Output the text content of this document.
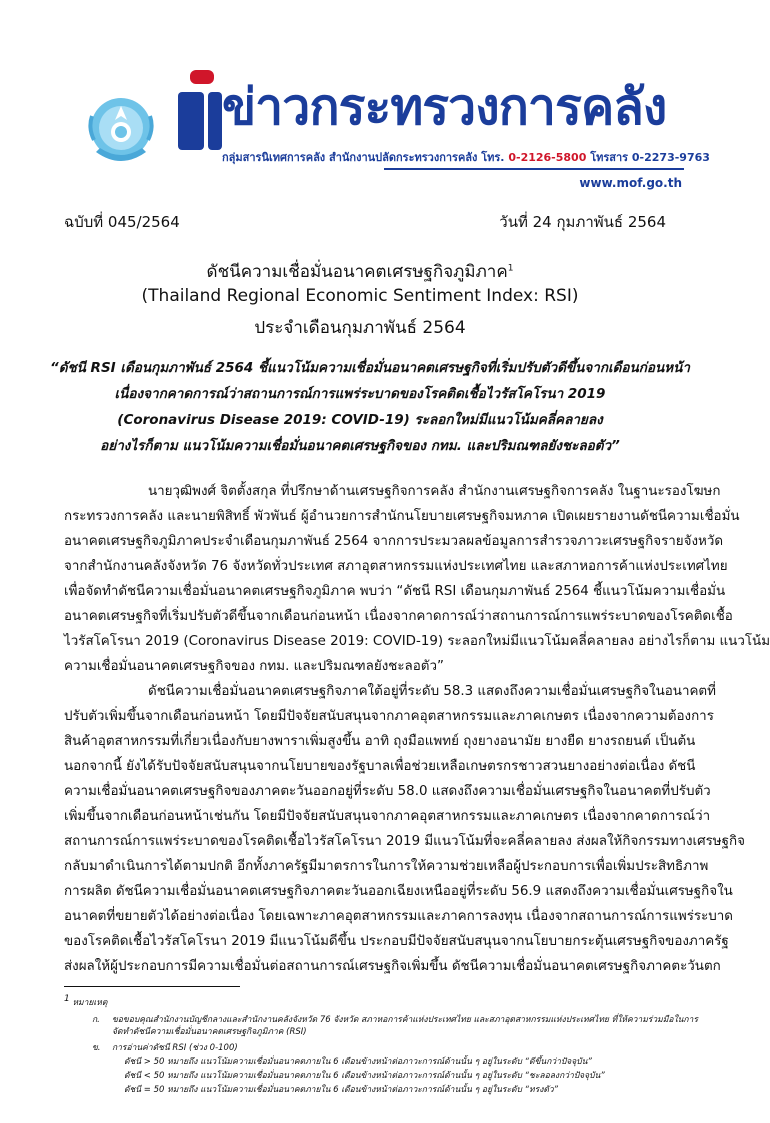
ข่าวกระทรวงการคลัง
กลุ่มสารนิเทศการคลัง สำนักงานปลัดกระทรวงการคลัง โทร. 0-2126-5800 โทรสาร 0-2273-9763
www.mof.go.th
ฉบับที่ 045/2564	วันที่ 24 กุมภาพันธ์ 2564
ดัชนีความเชื่อมั่นอนาคตเศรษฐกิจภูมิภาค$^1$
(Thailand Regional Economic Sentiment Index: RSI)
ประจำเดือนกุมภาพันธ์ 2564
“ดัชนี RSI เดือนกุมภาพันธ์ 2564 ชี้แนวโน้มความเชื่อมั่นอนาคตเศรษฐกิจที่เริ่มปรับตัวดีขึ้นจากเดือนก่อนหน้า
เนื่องจากคาดการณ์ว่าสถานการณ์การแพร่ระบาดของโรคติดเชื้อไวรัสโคโรนา 2019
(Coronavirus Disease 2019: COVID-19) ระลอกใหม่มีแนวโน้มคลี่คลายลง
อย่างไรก็ตาม แนวโน้มความเชื่อมั่นอนาคตเศรษฐกิจของ กทม. และปริมณฑลยังชะลอตัว”
นายวุฒิพงศ์ จิตตั้งสกุล ที่ปรึกษาด้านเศรษฐกิจการคลัง สำนักงานเศรษฐกิจการคลัง ในฐานะรองโฆษก
กระทรวงการคลัง และนายพิสิทธิ์ พัวพันธ์ ผู้อำนวยการสำนักนโยบายเศรษฐกิจมหภาค เปิดเผยรายงานดัชนีความเชื่อมั่น
อนาคตเศรษฐกิจภูมิภาคประจำเดือนกุมภาพันธ์ 2564 จากการประมวลผลข้อมูลการสำรวจภาวะเศรษฐกิจรายจังหวัด
จากสำนักงานคลังจังหวัด 76 จังหวัดทั่วประเทศ สภาอุตสาหกรรมแห่งประเทศไทย และสภาหอการค้าแห่งประเทศไทย
เพื่อจัดทำดัชนีความเชื่อมั่นอนาคตเศรษฐกิจภูมิภาค พบว่า “ดัชนี RSI เดือนกุมภาพันธ์ 2564 ชี้แนวโน้มความเชื่อมั่น
อนาคตเศรษฐกิจที่เริ่มปรับตัวดีขึ้นจากเดือนก่อนหน้า เนื่องจากคาดการณ์ว่าสถานการณ์การแพร่ระบาดของโรคติดเชื้อ
ไวรัสโคโรนา 2019 (Coronavirus Disease 2019: COVID-19) ระลอกใหม่มีแนวโน้มคลี่คลายลง อย่างไรก็ตาม แนวโน้ม
ความเชื่อมั่นอนาคตเศรษฐกิจของ กทม. และปริมณฑลยังชะลอตัว”
ดัชนีความเชื่อมั่นอนาคตเศรษฐกิจภาคใต้อยู่ที่ระดับ 58.3 แสดงถึงความเชื่อมั่นเศรษฐกิจในอนาคตที่
ปรับตัวเพิ่มขึ้นจากเดือนก่อนหน้า โดยมีปัจจัยสนับสนุนจากภาคอุตสาหกรรมและภาคเกษตร เนื่องจากความต้องการ
สินค้าอุตสาหกรรมที่เกี่ยวเนื่องกับยางพาราเพิ่มสูงขึ้น อาทิ ถุงมือแพทย์ ถุงยางอนามัย ยางยืด ยางรถยนต์ เป็นต้น
นอกจากนี้ ยังได้รับปัจจัยสนับสนุนจากนโยบายของรัฐบาลเพื่อช่วยเหลือเกษตรกรชาวสวนยางอย่างต่อเนื่อง ดัชนี
ความเชื่อมั่นอนาคตเศรษฐกิจของภาคตะวันออกอยู่ที่ระดับ 58.0 แสดงถึงความเชื่อมั่นเศรษฐกิจในอนาคตที่ปรับตัว
เพิ่มขึ้นจากเดือนก่อนหน้าเช่นกัน โดยมีปัจจัยสนับสนุนจากภาคอุตสาหกรรมและภาคเกษตร เนื่องจากคาดการณ์ว่า
สถานการณ์การแพร่ระบาดของโรคติดเชื้อไวรัสโคโรนา 2019 มีแนวโน้มที่จะคลี่คลายลง ส่งผลให้กิจกรรมทางเศรษฐกิจ
กลับมาดำเนินการได้ตามปกติ อีกทั้งภาครัฐมีมาตรการในการให้ความช่วยเหลือผู้ประกอบการเพื่อเพิ่มประสิทธิภาพ
การผลิต ดัชนีความเชื่อมั่นอนาคตเศรษฐกิจภาคตะวันออกเฉียงเหนืออยู่ที่ระดับ 56.9 แสดงถึงความเชื่อมั่นเศรษฐกิจใน
อนาคตที่ขยายตัวได้อย่างต่อเนื่อง โดยเฉพาะภาคอุตสาหกรรมและภาคการลงทุน เนื่องจากสถานการณ์การแพร่ระบาด
ของโรคติดเชื้อไวรัสโคโรนา 2019 มีแนวโน้มดีขึ้น ประกอบมีปัจจัยสนับสนุนจากนโยบายกระตุ้นเศรษฐกิจของภาครัฐ
ส่งผลให้ผู้ประกอบการมีความเชื่อมั่นต่อสถานการณ์เศรษฐกิจเพิ่มขึ้น ดัชนีความเชื่อมั่นอนาคตเศรษฐกิจภาคตะวันตก
$^1$ หมายเหตุ
ก. ขอขอบคุณสำนักงานบัญชีกลางและสำนักงานคลังจังหวัด 76 จังหวัด สภาหอการค้าแห่งประเทศไทย และสภาอุตสาหกรรมแห่งประเทศไทย ที่ให้ความร่วมมือในการ
จัดทำดัชนีความเชื่อมั่นอนาคตเศรษฐกิจภูมิภาค (RSI)
ข. การอ่านค่าดัชนี RSI (ช่วง 0-100)
ดัชนี > 50 หมายถึง แนวโน้มความเชื่อมั่นอนาคตภายใน 6 เดือนข้างหน้าต่อภาวะการณ์ด้านนั้น ๆ อยู่ในระดับ “ดีขึ้นกว่าปัจจุบัน”
ดัชนี < 50 หมายถึง แนวโน้มความเชื่อมั่นอนาคตภายใน 6 เดือนข้างหน้าต่อภาวะการณ์ด้านนั้น ๆ อยู่ในระดับ “ชะลอลงกว่าปัจจุบัน”
ดัชนี = 50 หมายถึง แนวโน้มความเชื่อมั่นอนาคตภายใน 6 เดือนข้างหน้าต่อภาวะการณ์ด้านนั้น ๆ อยู่ในระดับ “ทรงตัว”
